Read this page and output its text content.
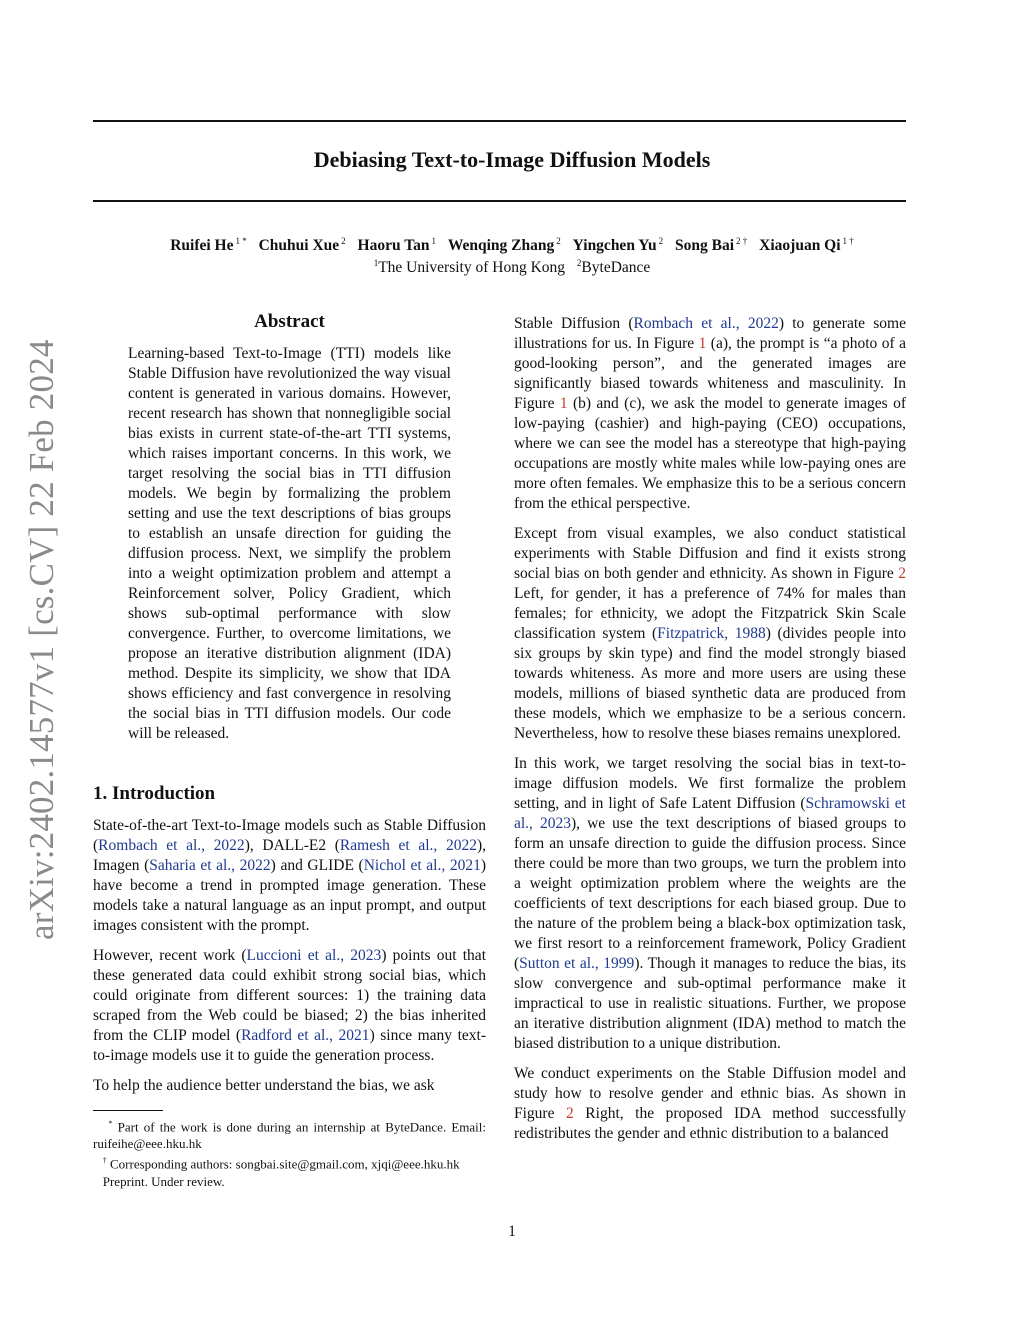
Debiasing Text-to-Image Diffusion Models
Ruifei He $^{1 *}$ Chuhui Xue $^2$ Haoru Tan $^1$ Wenqing Zhang $^2$ Yingchen Yu $^2$ Song Bai $^{2 \dagger}$ Xiaojuan Qi $^{1 \dagger}$
$^1$The University of Hong Kong $^2$ByteDance
arXiv:2402.14577v1 [cs.CV] 22 Feb 2024
Abstract

Learning-based Text-to-Image (TTI) models like Stable Diffusion have revolutionized the way visual content is generated in various domains. However, recent research has shown that nonnegligible social bias exists in current state-of-the-art TTI systems, which raises important concerns. In this work, we target resolving the social bias in TTI diffusion models. We begin by formalizing the problem setting and use the text descriptions of bias groups to establish an unsafe direction for guiding the diffusion process. Next, we simplify the problem into a weight optimization problem and attempt a Reinforcement solver, Policy Gradient, which shows sub-optimal performance with slow convergence. Further, to overcome limitations, we propose an iterative distribution alignment (IDA) method. Despite its simplicity, we show that IDA shows efficiency and fast convergence in resolving the social bias in TTI diffusion models. Our code will be released.

1. Introduction

State-of-the-art Text-to-Image models such as Stable Diffusion (Rombach et al., 2022), DALL-E2 (Ramesh et al., 2022), Imagen (Saharia et al., 2022) and GLIDE (Nichol et al., 2021) have become a trend in prompted image generation. These models take a natural language as an input prompt, and output images consistent with the prompt.

However, recent work (Luccioni et al., 2023) points out that these generated data could exhibit strong social bias, which could originate from different sources: 1) the training data scraped from the Web could be biased; 2) the bias inherited from the CLIP model (Radford et al., 2021) since many text-to-image models use it to guide the generation process.

To help the audience better understand the bias, we ask

* Part of the work is done during an internship at ByteDance. Email: ruifeihe@eee.hku.hk
† Corresponding authors: songbai.site@gmail.com, xjqi@eee.hku.hk
Preprint. Under review.

Stable Diffusion (Rombach et al., 2022) to generate some illustrations for us. In Figure 1 (a), the prompt is “a photo of a good-looking person”, and the generated images are significantly biased towards whiteness and masculinity. In Figure 1 (b) and (c), we ask the model to generate images of low-paying (cashier) and high-paying (CEO) occupations, where we can see the model has a stereotype that high-paying occupations are mostly white males while low-paying ones are more often females. We emphasize this to be a serious concern from the ethical perspective.

Except from visual examples, we also conduct statistical experiments with Stable Diffusion and find it exists strong social bias on both gender and ethnicity. As shown in Figure 2 Left, for gender, it has a preference of 74% for males than females; for ethnicity, we adopt the Fitzpatrick Skin Scale classification system (Fitzpatrick, 1988) (divides people into six groups by skin type) and find the model strongly biased towards whiteness. As more and more users are using these models, millions of biased synthetic data are produced from these models, which we emphasize to be a serious concern. Nevertheless, how to resolve these biases remains unexplored.

In this work, we target resolving the social bias in text-to-image diffusion models. We first formalize the problem setting, and in light of Safe Latent Diffusion (Schramowski et al., 2023), we use the text descriptions of biased groups to form an unsafe direction to guide the diffusion process. Since there could be more than two groups, we turn the problem into a weight optimization problem where the weights are the coefficients of text descriptions for each biased group. Due to the nature of the problem being a black-box optimization task, we first resort to a reinforcement framework, Policy Gradient (Sutton et al., 1999). Though it manages to reduce the bias, its slow convergence and sub-optimal performance make it impractical to use in realistic situations. Further, we propose an iterative distribution alignment (IDA) method to match the biased distribution to a unique distribution.

We conduct experiments on the Stable Diffusion model and study how to resolve gender and ethnic bias. As shown in Figure 2 Right, the proposed IDA method successfully redistributes the gender and ethnic distribution to a balanced

1
